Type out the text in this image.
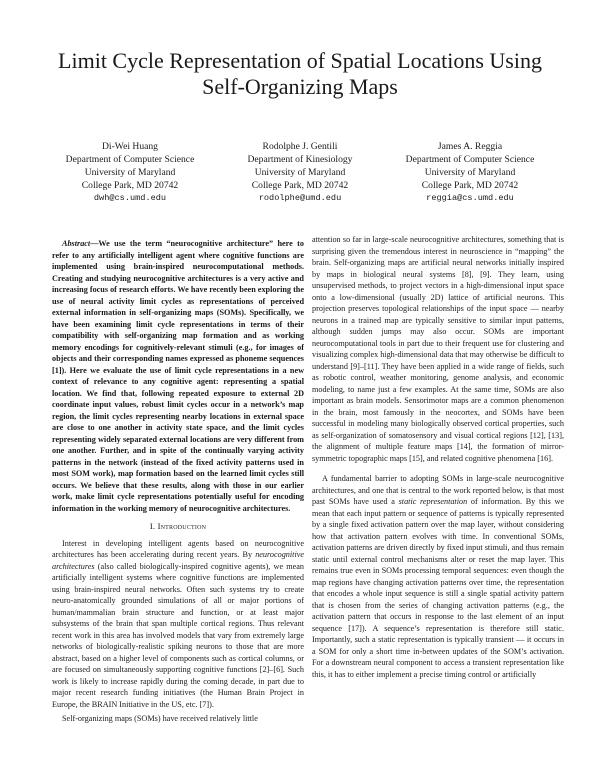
Limit Cycle Representation of Spatial Locations Using Self-Organizing Maps
Di-Wei Huang
Department of Computer Science
University of Maryland
College Park, MD 20742
dwh@cs.umd.edu
Rodolphe J. Gentili
Department of Kinesiology
University of Maryland
College Park, MD 20742
rodolphe@umd.edu
James A. Reggia
Department of Computer Science
University of Maryland
College Park, MD 20742
reggia@cs.umd.edu

Abstract—We use the term “neurocognitive architecture” here to refer to any artificially intelligent agent where cognitive functions are implemented using brain-inspired neurocomputational methods. Creating and studying neurocognitive architectures is a very active and increasing focus of research efforts. We have recently been exploring the use of neural activity limit cycles as representations of perceived external information in self-organizing maps (SOMs). Specifically, we have been examining limit cycle representations in terms of their compatibility with self-organizing map formation and as working memory encodings for cognitively-relevant stimuli (e.g., for images of objects and their corresponding names expressed as phoneme sequences [1]). Here we evaluate the use of limit cycle representations in a new context of relevance to any cognitive agent: representing a spatial location. We find that, following repeated exposure to external 2D coordinate input values, robust limit cycles occur in a network’s map region, the limit cycles representing nearby locations in external space are close to one another in activity state space, and the limit cycles representing widely separated external locations are very different from one another. Further, and in spite of the continually varying activity patterns in the network (instead of the fixed activity patterns used in most SOM work), map formation based on the learned limit cycles still occurs. We believe that these results, along with those in our earlier work, make limit cycle representations potentially useful for encoding information in the working memory of neurocognitive architectures.

I. Introduction

Interest in developing intelligent agents based on neurocognitive architectures has been accelerating during recent years. By neurocognitive architectures (also called biologically-inspired cognitive agents), we mean artificially intelligent systems where cognitive functions are implemented using brain-inspired neural networks. Often such systems try to create neuro-anatomically grounded simulations of all or major portions of human/mammalian brain structure and function, or at least major subsystems of the brain that span multiple cortical regions. Thus relevant recent work in this area has involved models that vary from extremely large networks of biologically-realistic spiking neurons to those that are more abstract, based on a higher level of components such as cortical columns, or are focused on simultaneously supporting cognitive functions [2]–[6]. Such work is likely to increase rapidly during the coming decade, in part due to major recent research funding initiatives (the Human Brain Project in Europe, the BRAIN Initiative in the US, etc. [7]).

Self-organizing maps (SOMs) have received relatively little

attention so far in large-scale neurocognitive architectures, something that is surprising given the tremendous interest in neuroscience in “mapping” the brain. Self-organizing maps are artificial neural networks initially inspired by maps in biological neural systems [8], [9]. They learn, using unsupervised methods, to project vectors in a high-dimensional input space onto a low-dimensional (usually 2D) lattice of artificial neurons. This projection preserves topological relationships of the input space — nearby neurons in a trained map are typically sensitive to similar input patterns, although sudden jumps may also occur. SOMs are important neurocomputational tools in part due to their frequent use for clustering and visualizing complex high-dimensional data that may otherwise be difficult to understand [9]–[11]. They have been applied in a wide range of fields, such as robotic control, weather monitoring, genome analysis, and economic modeling, to name just a few examples. At the same time, SOMs are also important as brain models. Sensorimotor maps are a common phenomenon in the brain, most famously in the neocortex, and SOMs have been successful in modeling many biologically observed cortical properties, such as self-organization of somatosensory and visual cortical regions [12], [13], the alignment of multiple feature maps [14], the formation of mirror-symmetric topographic maps [15], and related cognitive phenomena [16].

A fundamental barrier to adopting SOMs in large-scale neurocognitive architectures, and one that is central to the work reported below, is that most past SOMs have used a static representation of information. By this we mean that each input pattern or sequence of patterns is typically represented by a single fixed activation pattern over the map layer, without considering how that activation pattern evolves with time. In conventional SOMs, activation patterns are driven directly by fixed input stimuli, and thus remain static until external control mechanisms alter or reset the map layer. This remains true even in SOMs processing temporal sequences: even though the map regions have changing activation patterns over time, the representation that encodes a whole input sequence is still a single spatial activity pattern that is chosen from the series of changing activation patterns (e.g., the activation pattern that occurs in response to the last element of an input sequence [17]). A sequence’s representation is therefore still static. Importantly, such a static representation is typically transient — it occurs in a SOM for only a short time in-between updates of the SOM’s activation. For a downstream neural component to access a transient representation like this, it has to either implement a precise timing control or artificially
